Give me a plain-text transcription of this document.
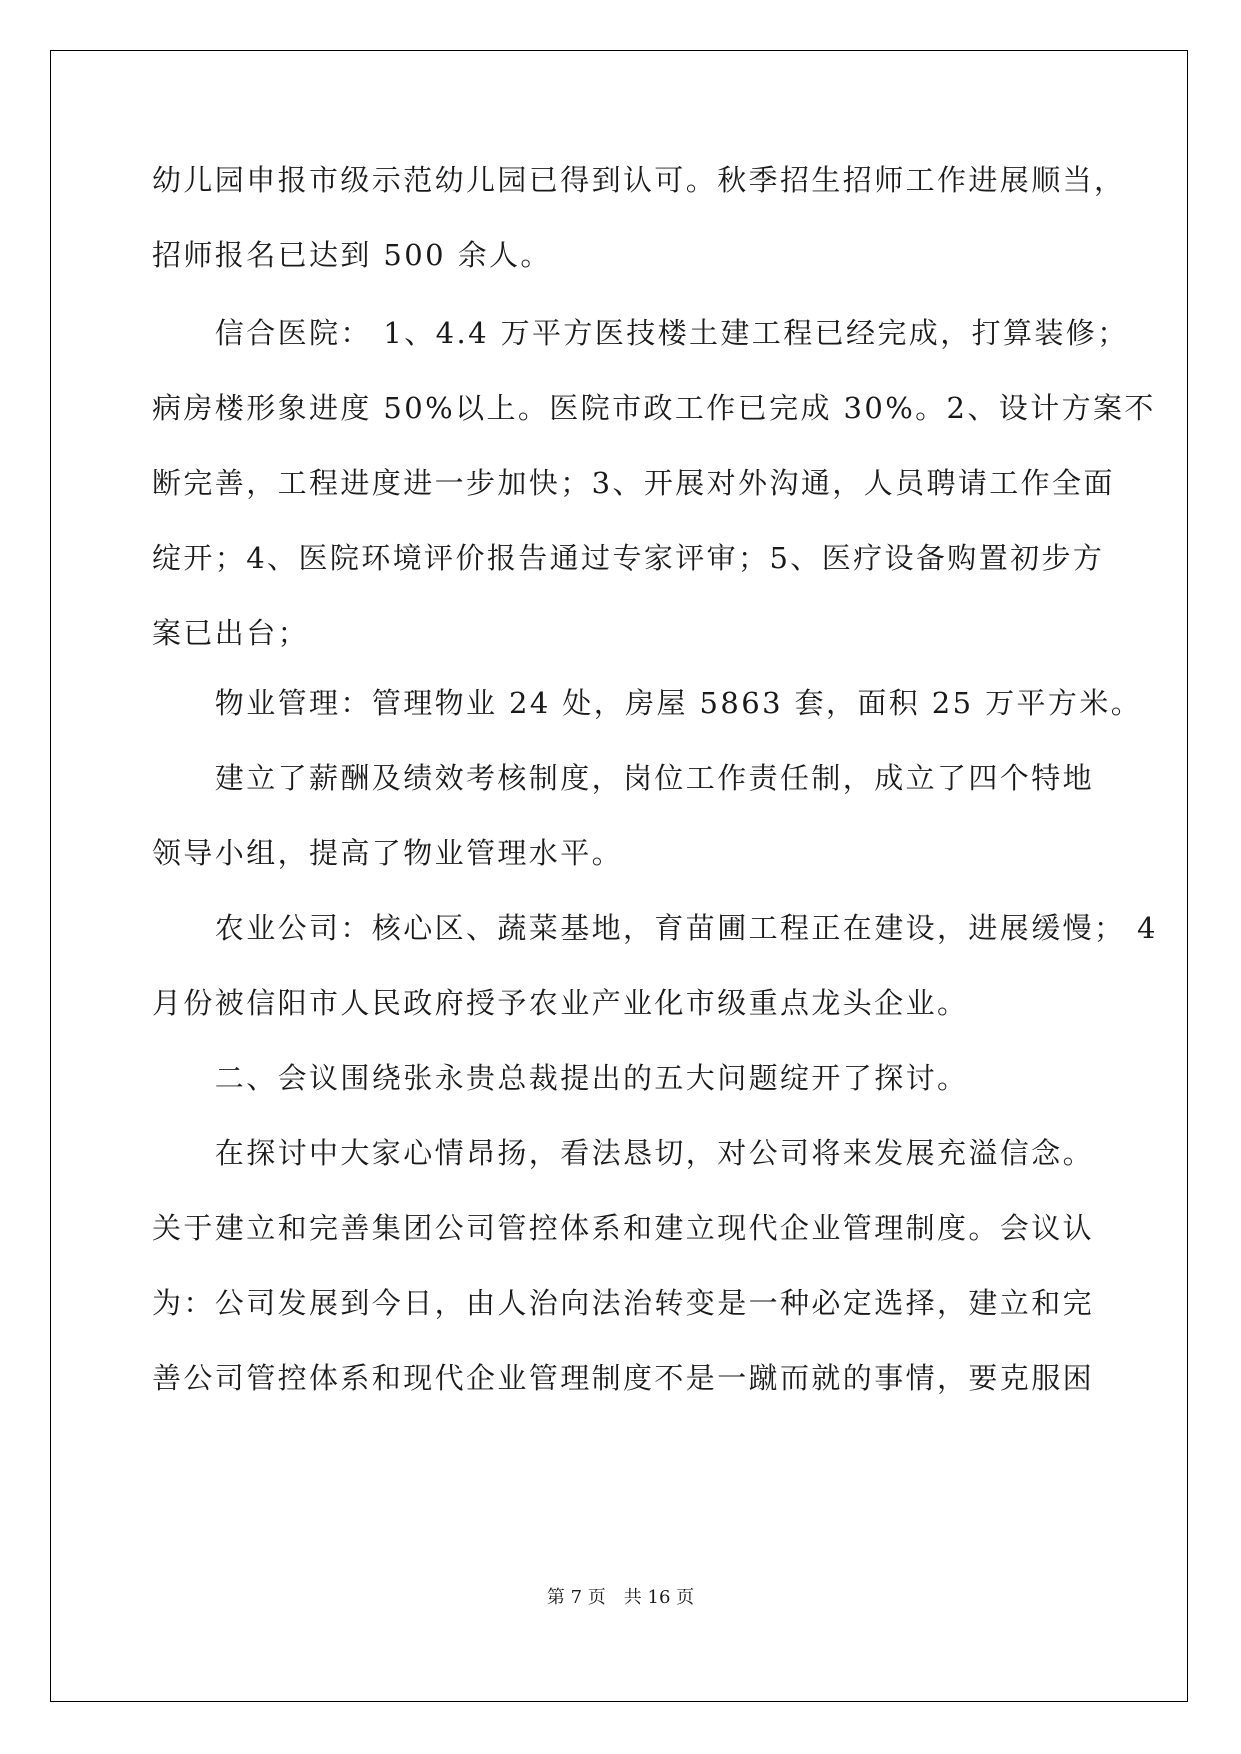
幼儿园申报市级示范幼儿园已得到认可。秋季招生招师工作进展顺当，
招师报名已达到 500 余人。
　　信合医院： 1、4.4 万平方医技楼土建工程已经完成，打算装修；
病房楼形象进度 50%以上。医院市政工作已完成 30%。2、设计方案不
断完善，工程进度进一步加快；3、开展对外沟通，人员聘请工作全面
绽开；4、医院环境评价报告通过专家评审；5、医疗设备购置初步方
案已出台；
　　物业管理：管理物业 24 处，房屋 5863 套，面积 25 万平方米。
　　建立了薪酬及绩效考核制度，岗位工作责任制，成立了四个特地
领导小组，提高了物业管理水平。
　　农业公司：核心区、蔬菜基地，育苗圃工程正在建设，进展缓慢； 4
月份被信阳市人民政府授予农业产业化市级重点龙头企业。
　　二、会议围绕张永贵总裁提出的五大问题绽开了探讨。
　　在探讨中大家心情昂扬，看法恳切，对公司将来发展充溢信念。
关于建立和完善集团公司管控体系和建立现代企业管理制度。会议认
为：公司发展到今日，由人治向法治转变是一种必定选择，建立和完
善公司管控体系和现代企业管理制度不是一蹴而就的事情，要克服困
第 7 页　共 16 页
